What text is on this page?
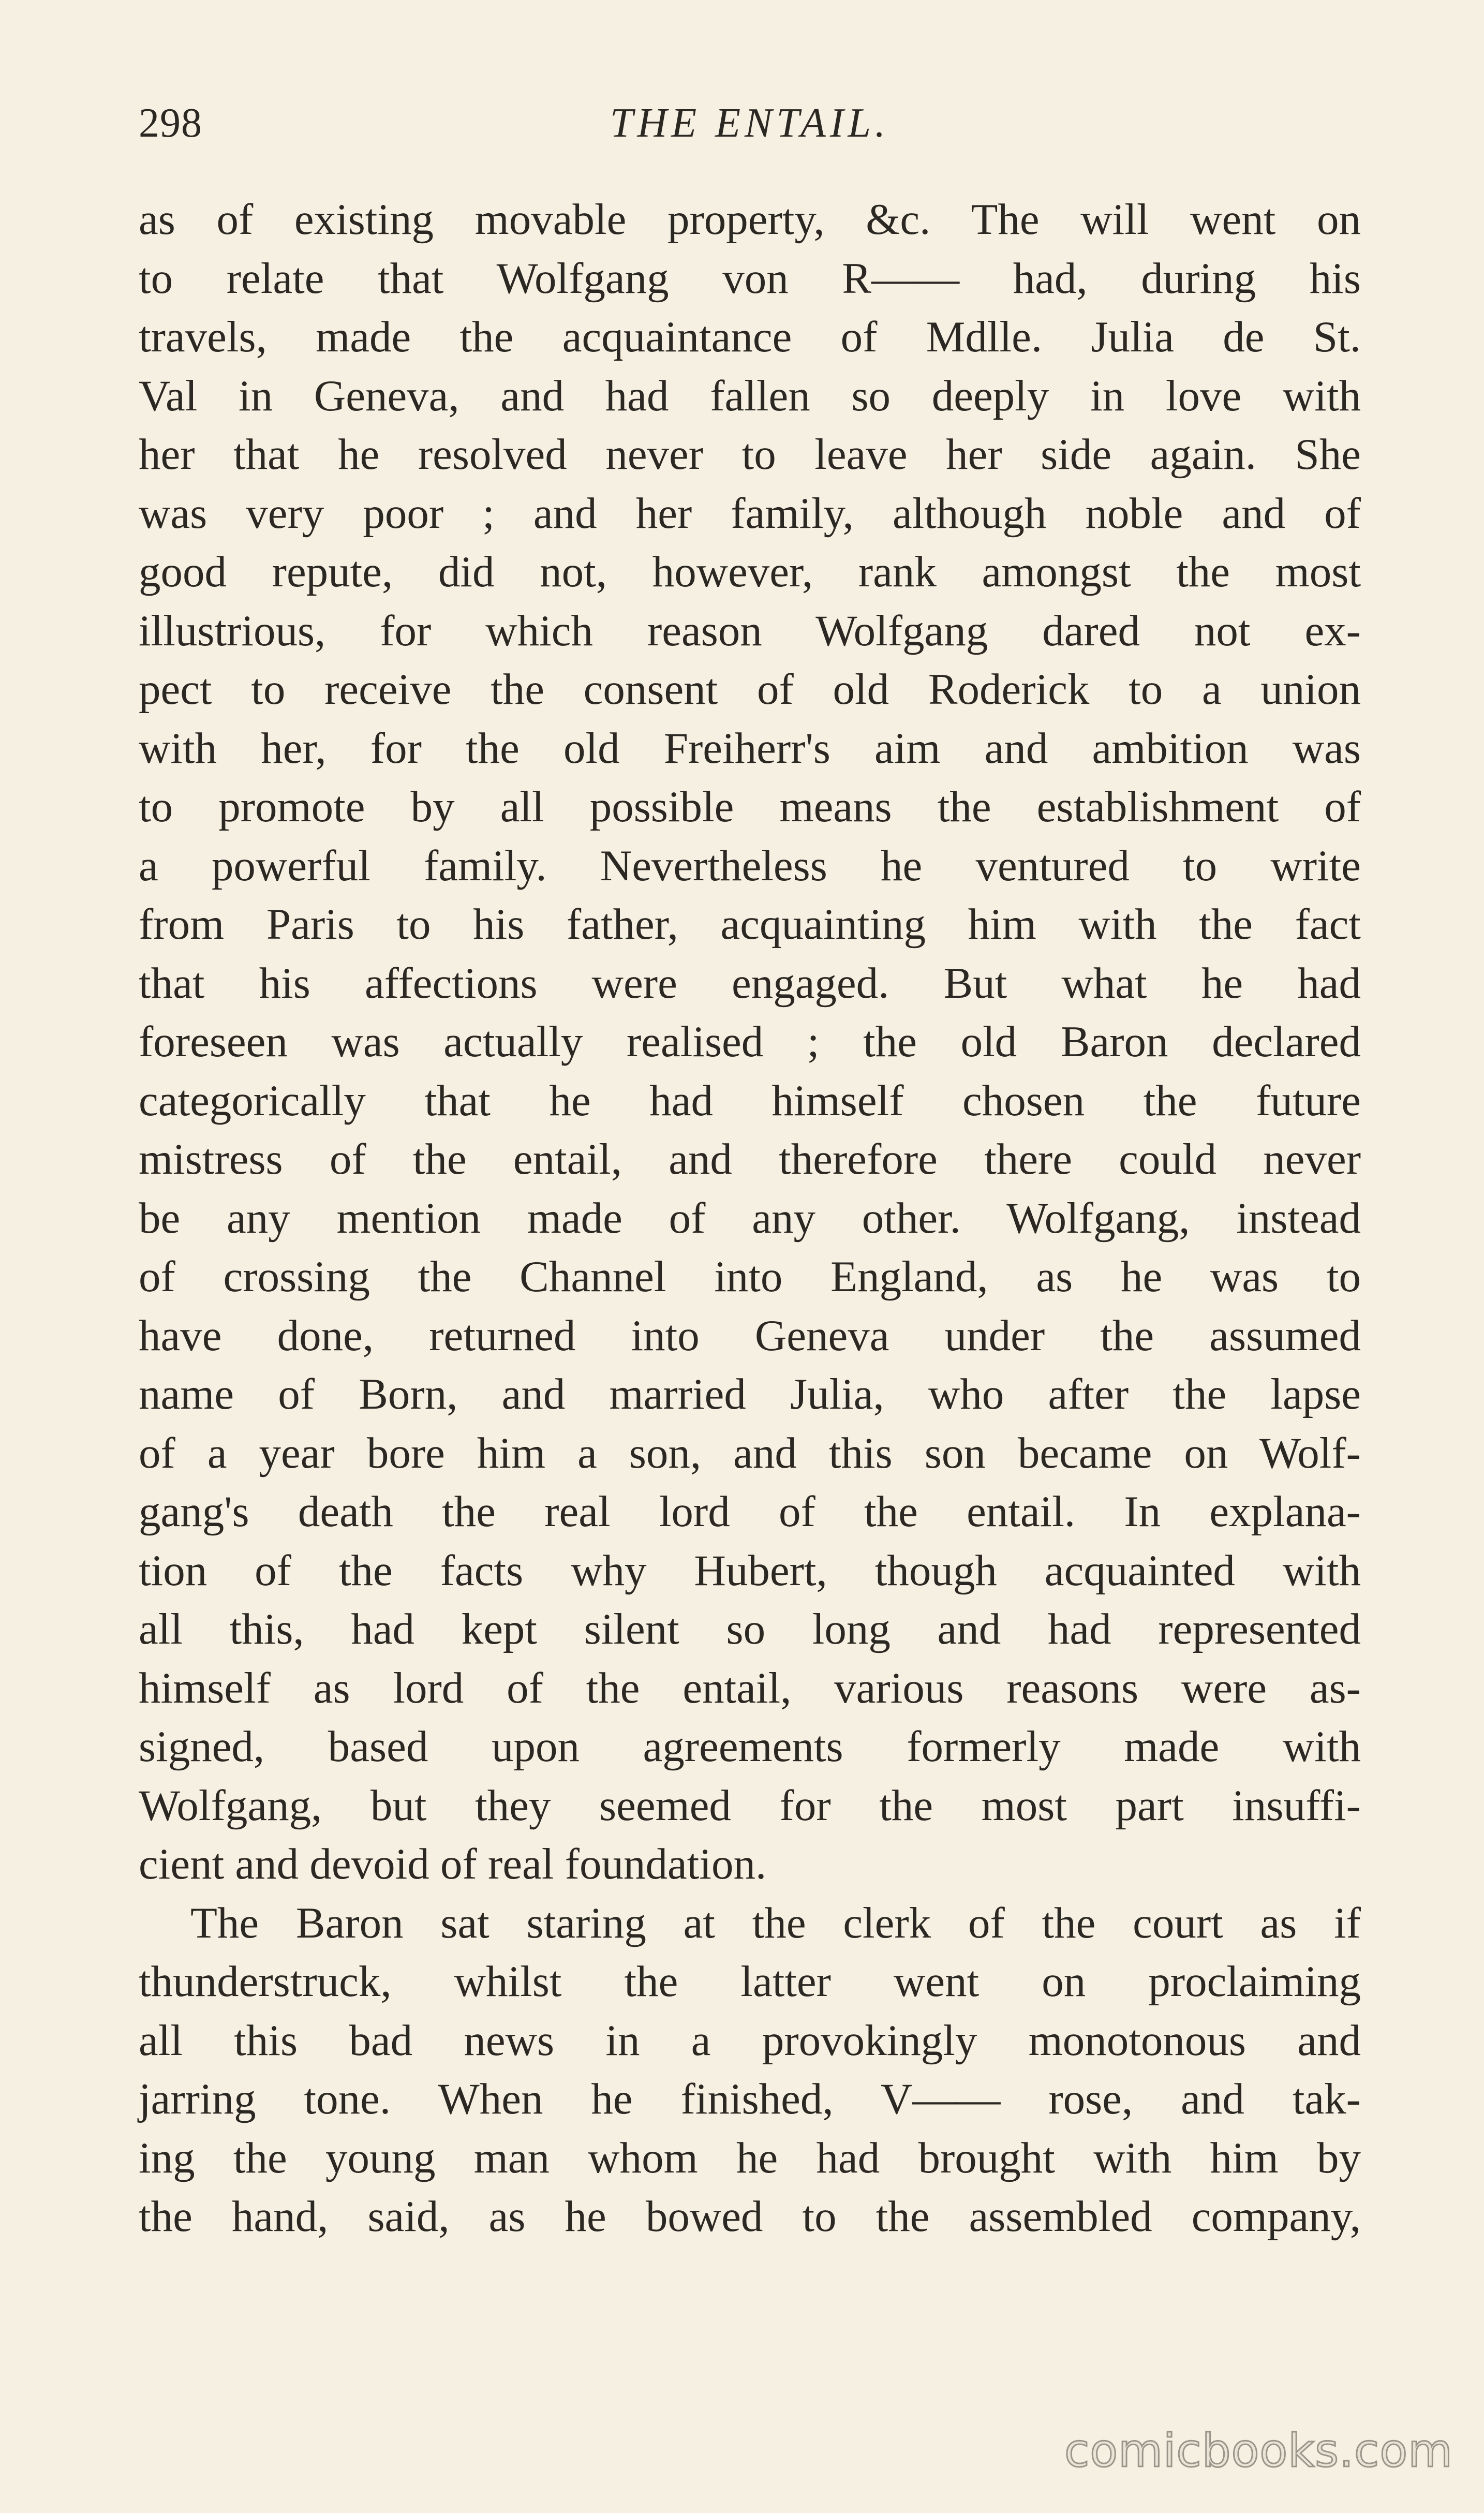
298	THE ENTAIL.
as of existing movable property, &c. The will went on
to relate that Wolfgang von R—— had, during his
travels, made the acquaintance of Mdlle. Julia de St.
Val in Geneva, and had fallen so deeply in love with
her that he resolved never to leave her side again. She
was very poor ; and her family, although noble and of
good repute, did not, however, rank amongst the most
illustrious, for which reason Wolfgang dared not ex-
pect to receive the consent of old Roderick to a union
with her, for the old Freiherr's aim and ambition was
to promote by all possible means the establishment of
a powerful family. Nevertheless he ventured to write
from Paris to his father, acquainting him with the fact
that his affections were engaged. But what he had
foreseen was actually realised ; the old Baron declared
categorically that he had himself chosen the future
mistress of the entail, and therefore there could never
be any mention made of any other. Wolfgang, instead
of crossing the Channel into England, as he was to
have done, returned into Geneva under the assumed
name of Born, and married Julia, who after the lapse
of a year bore him a son, and this son became on Wolf-
gang's death the real lord of the entail. In explana-
tion of the facts why Hubert, though acquainted with
all this, had kept silent so long and had represented
himself as lord of the entail, various reasons were as-
signed, based upon agreements formerly made with
Wolfgang, but they seemed for the most part insuffi-
cient and devoid of real foundation.
The Baron sat staring at the clerk of the court as if
thunderstruck, whilst the latter went on proclaiming
all this bad news in a provokingly monotonous and
jarring tone. When he finished, V—— rose, and tak-
ing the young man whom he had brought with him by
the hand, said, as he bowed to the assembled company,
comicbooks.com
